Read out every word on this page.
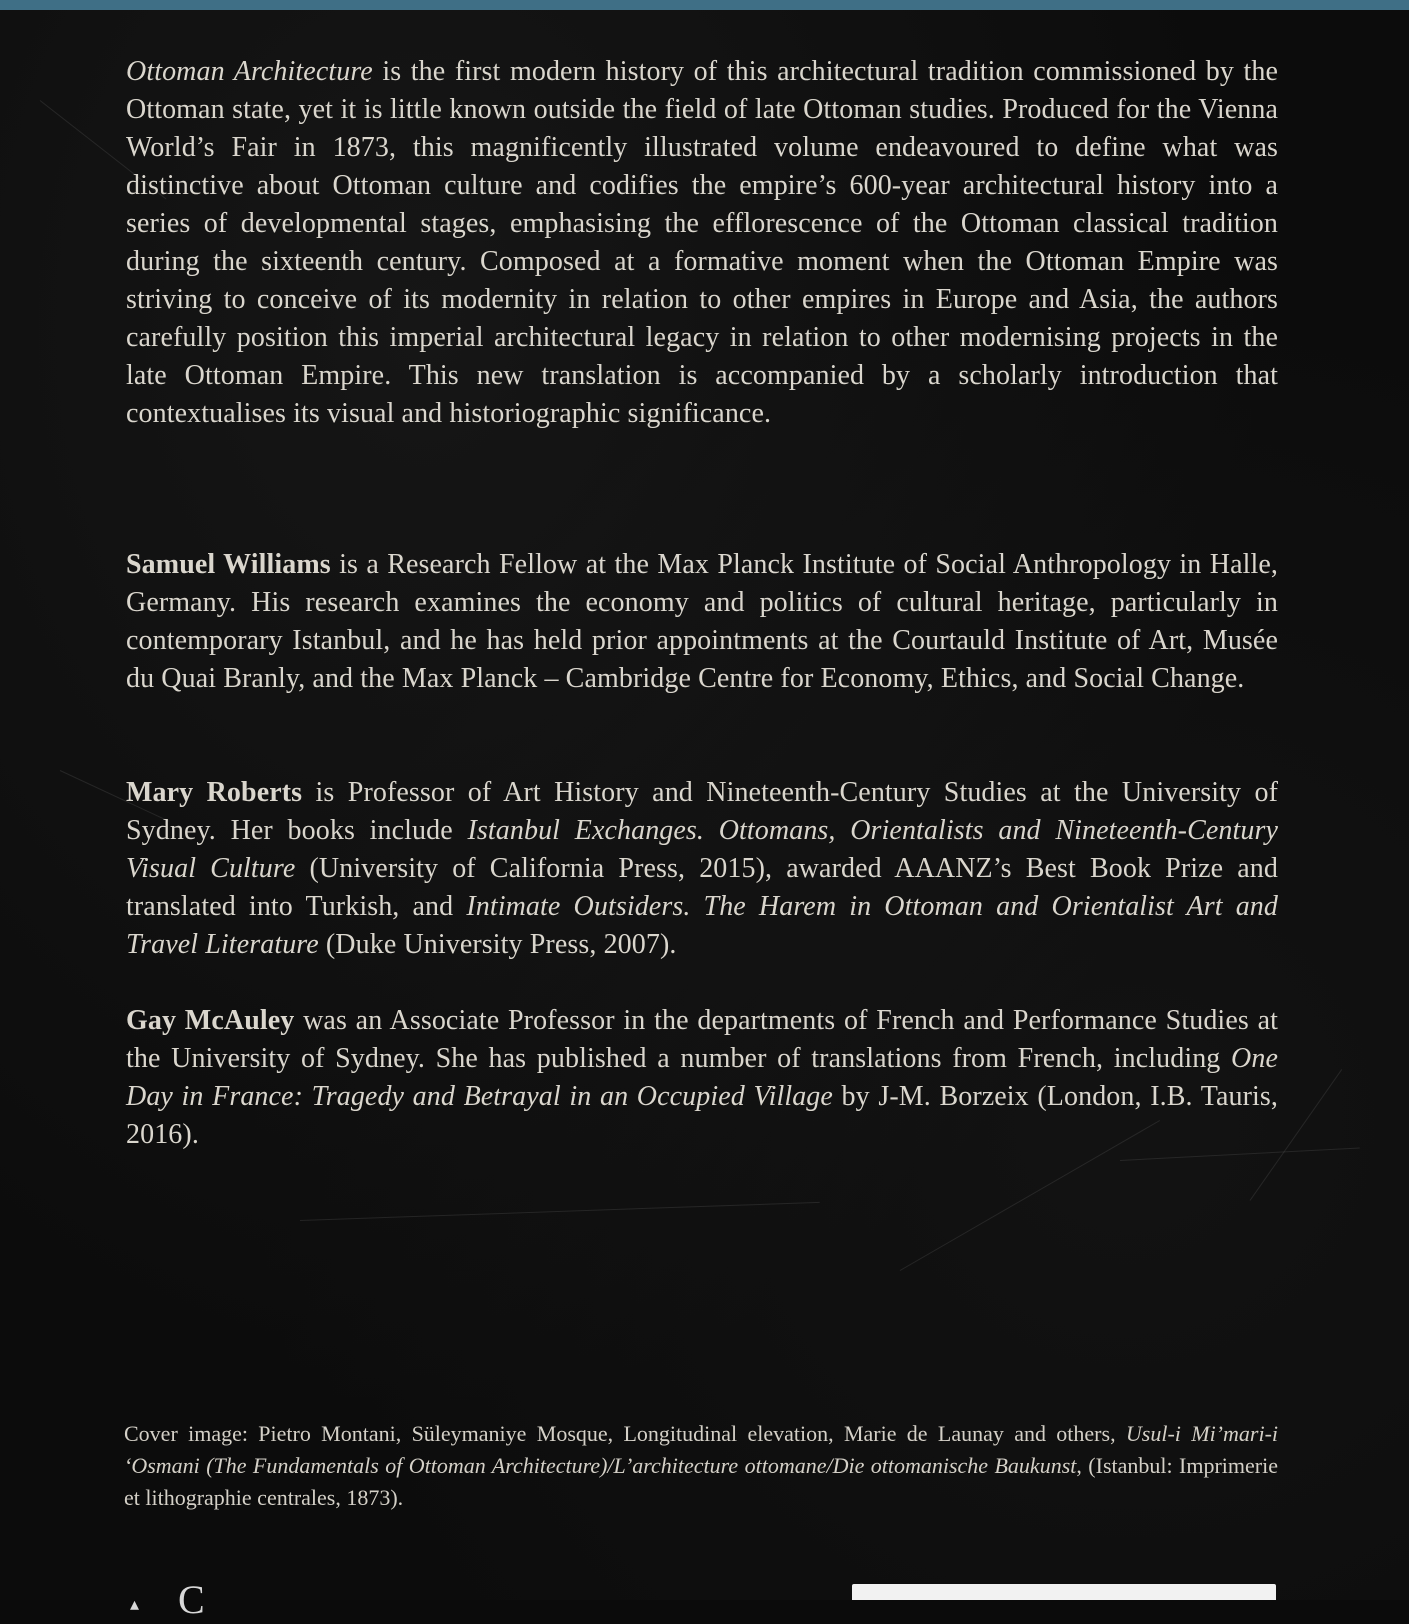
Ottoman Architecture is the first modern history of this architectural tradition commissioned by the Ottoman state, yet it is little known outside the field of late Ottoman studies. Produced for the Vienna World’s Fair in 1873, this magnificently illustrated volume endeavoured to define what was distinctive about Ottoman culture and codifies the empire’s 600-year architectural history into a series of developmental stages, emphasising the efflorescence of the Ottoman classical tradition during the sixteenth century. Composed at a formative moment when the Ottoman Empire was striving to conceive of its modernity in relation to other empires in Europe and Asia, the authors carefully position this imperial architectural legacy in relation to other modernising projects in the late Ottoman Empire. This new translation is accompanied by a scholarly introduction that contextualises its visual and historiographic significance.
Samuel Williams is a Research Fellow at the Max Planck Institute of Social Anthropology in Halle, Germany. His research examines the economy and politics of cultural heritage, particularly in contemporary Istanbul, and he has held prior appointments at the Courtauld Institute of Art, Musée du Quai Branly, and the Max Planck – Cambridge Centre for Economy, Ethics, and Social Change.
Mary Roberts is Professor of Art History and Nineteenth-Century Studies at the University of Sydney. Her books include Istanbul Exchanges. Ottomans, Orientalists and Nineteenth-Century Visual Culture (University of California Press, 2015), awarded AAANZ’s Best Book Prize and translated into Turkish, and Intimate Outsiders. The Harem in Ottoman and Orientalist Art and Travel Literature (Duke University Press, 2007).
Gay McAuley was an Associate Professor in the departments of French and Performance Studies at the University of Sydney. She has published a number of translations from French, including One Day in France: Tragedy and Betrayal in an Occupied Village by J-M. Borzeix (London, I.B. Tauris, 2016).
Cover image: Pietro Montani, Süleymaniye Mosque, Longitudinal elevation, Marie de Launay and others, Usul-i Mi’mari-i ‘Osmani (The Fundamentals of Ottoman Architecture)/L’architecture ottomane/Die ottomanische Baukunst, (Istanbul: Imprimerie et lithographie centrales, 1873).
▴ C
